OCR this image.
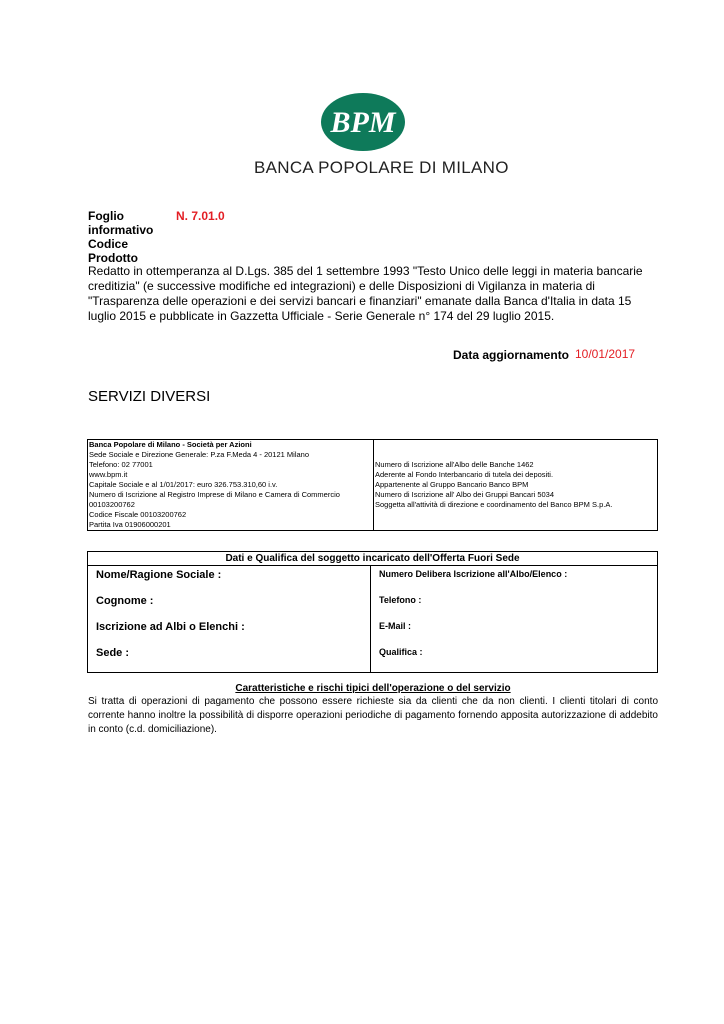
BPM
BANCA POPOLARE DI MILANO
Foglio informativo
Codice Prodotto
N. 7.01.0
Redatto in ottemperanza al D.Lgs. 385 del 1 settembre 1993 "Testo Unico delle leggi in materia bancarie creditizia" (e successive modifiche ed integrazioni) e delle Disposizioni di Vigilanza in materia di "Trasparenza delle operazioni e dei servizi bancari e finanziari" emanate dalla Banca d'Italia in data 15 luglio 2015 e pubblicate in Gazzetta Ufficiale - Serie Generale n° 174 del 29 luglio 2015.
Data aggiornamento 10/01/2017
SERVIZI DIVERSI
Banca Popolare di Milano - Società per Azioni
Sede Sociale e Direzione Generale: P.za F.Meda 4 - 20121 Milano
Telefono: 02 77001
www.bpm.it
Capitale Sociale e al 1/01/2017: euro 326.753.310,60 i.v.
Numero di Iscrizione al Registro Imprese di Milano e Camera di Commercio 00103200762
Codice Fiscale 00103200762
Partita Iva 01906000201

Numero di Iscrizione all'Albo delle Banche 1462
Aderente al Fondo Interbancario di tutela dei depositi.
Appartenente al Gruppo Bancario Banco BPM
Numero di Iscrizione all' Albo dei Gruppi Bancari 5034
Soggetta all'attività di direzione e coordinamento del Banco BPM S.p.A.
Dati e Qualifica del soggetto incaricato dell'Offerta Fuori Sede

Nome/Ragione Sociale :
Cognome :
Iscrizione ad Albi o Elenchi :
Sede :

Numero Delibera Iscrizione all'Albo/Elenco :
Telefono :
E-Mail :
Qualifica :
Caratteristiche e rischi tipici dell'operazione o del servizio
Si tratta di operazioni di pagamento che possono essere richieste sia da clienti che da non clienti. I clienti titolari di conto corrente hanno inoltre la possibilità di disporre operazioni periodiche di pagamento fornendo apposita autorizzazione di addebito in conto (c.d. domiciliazione).
